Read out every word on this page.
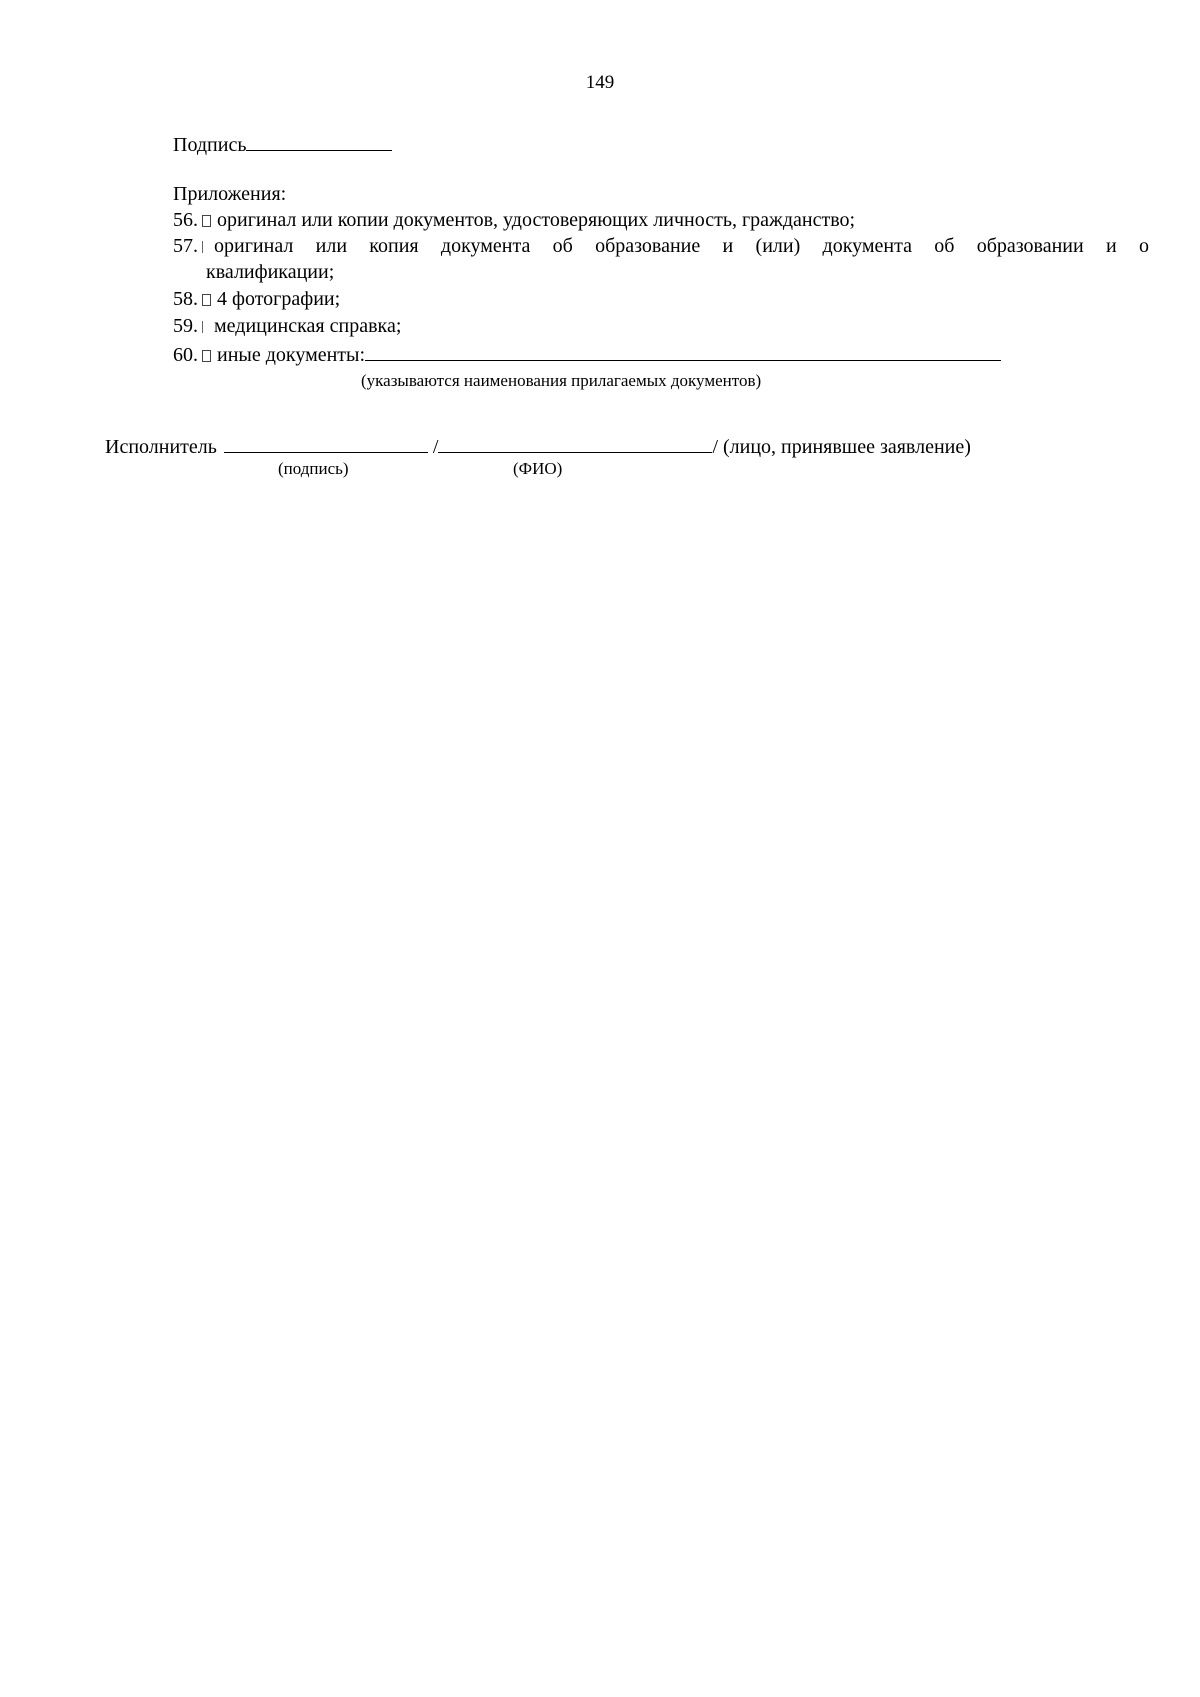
149
Подпись
Приложения:
56. оригинал или копии документов, удостоверяющих личность, гражданство;
57. оригинал или копия документа об образование и (или) документа об образовании и о
квалификации;
58. 4 фотографии;
59. медицинская справка;
60. иные документы:
(указываются наименования прилагаемых документов)
Исполнитель	/	/ (лицо, принявшее заявление)
(подпись)	(ФИО)
